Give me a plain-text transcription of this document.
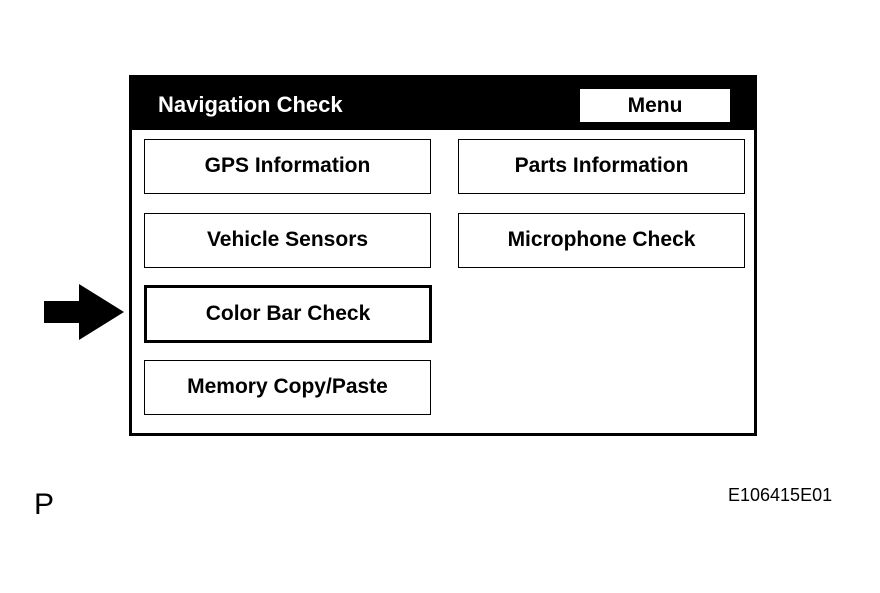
Navigation Check	Menu
GPS Information	Parts Information
Vehicle Sensors	Microphone Check
Color Bar Check
Memory Copy/Paste
P	E106415E01
